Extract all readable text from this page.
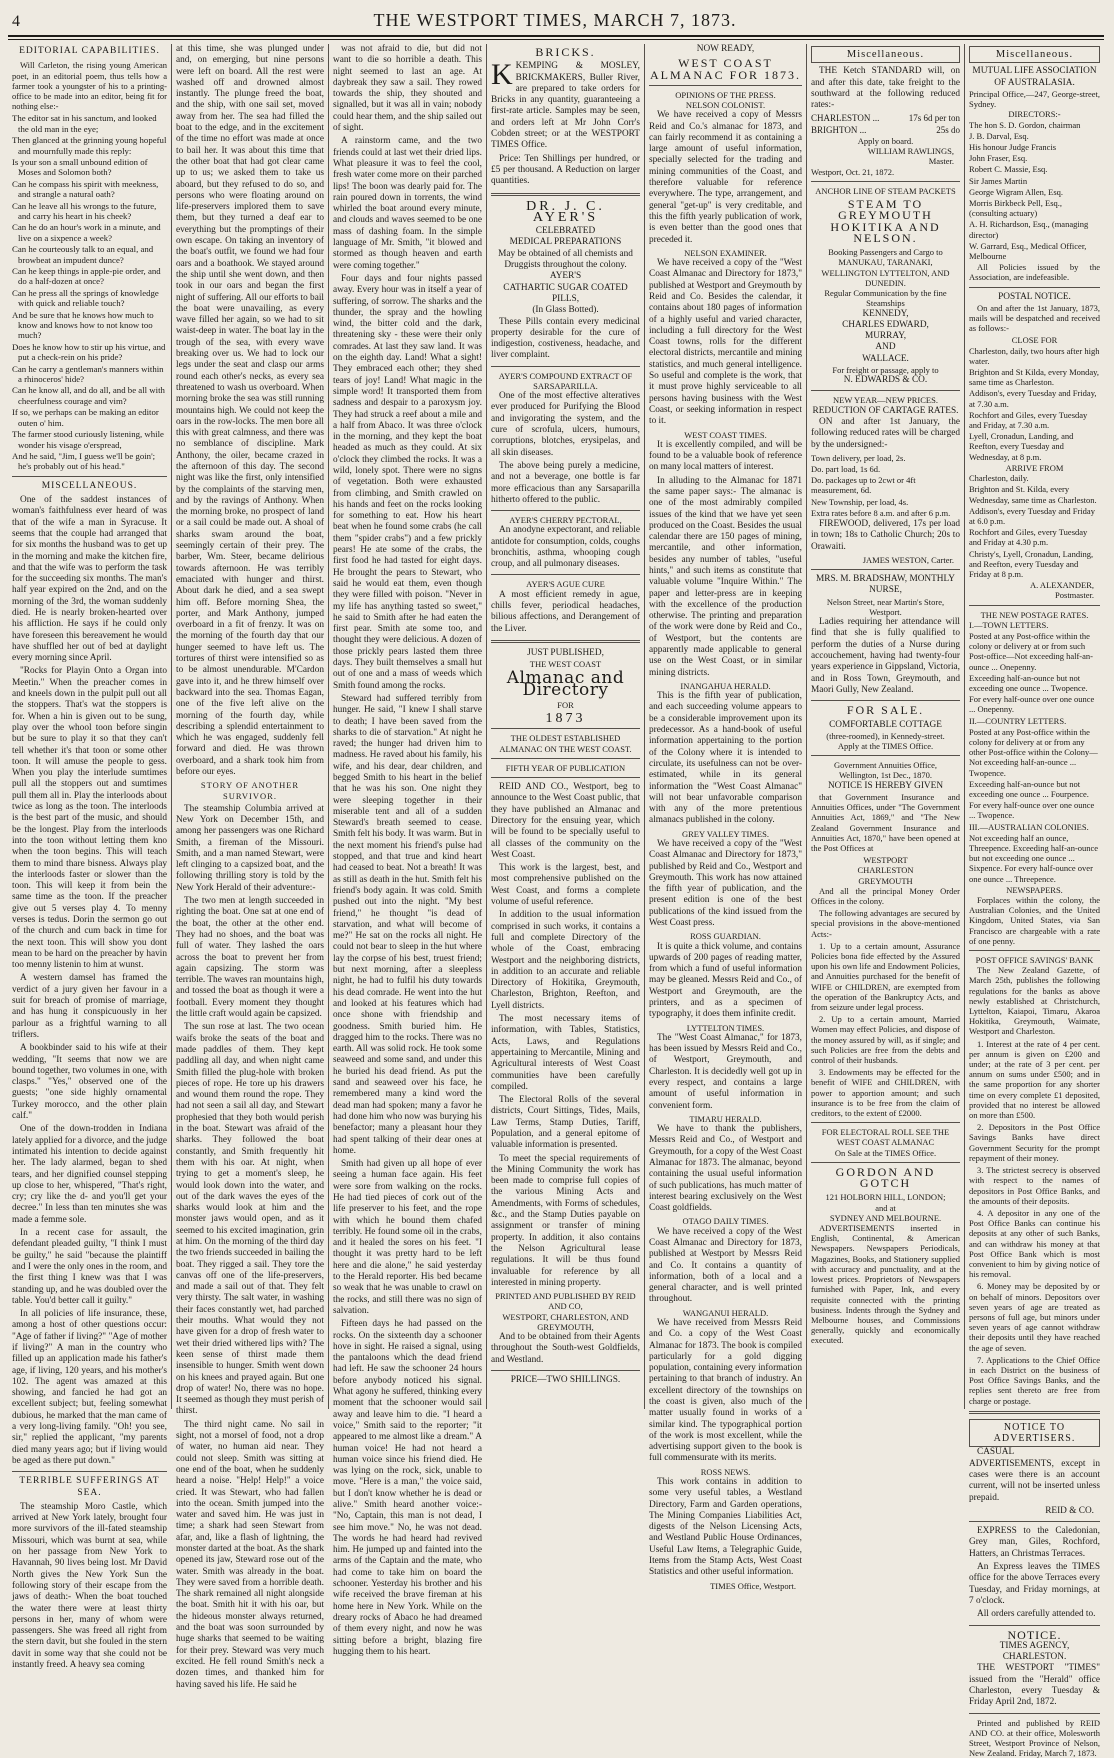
4	THE WESTPORT TIMES, MARCH 7, 1873.
EDITORIAL CAPABILITIES.
Will Carleton, the rising young American poet, in an editorial poem, thus tells how a farmer took a youngster of his to a printing-office to be made into an editor, being fit for nothing else:-
The editor sat in his sanctum, and looked the old man in the eye;
Then glanced at the grinning young hopeful and mournfully made this reply:
Is your son a small unbound edition of Moses and Solomon both?
Can he compass his spirit with meekness, and strangle a natural oath?
Can he leave all his wrongs to the future, and carry his heart in his cheek?
Can he do an hour's work in a minute, and live on a sixpence a week?
Can he courteously talk to an equal, and browbeat an impudent dunce?
Can he keep things in apple-pie order, and do a half-dozen at once?
Can he press all the springs of knowledge with quick and reliable touch?
And be sure that he knows how much to know and knows how to not know too much?
Does he know how to stir up his virtue, and put a check-rein on his pride?
Can he carry a gentleman's manners within a rhinoceros' hide?
Can he know all, and do all, and be all with cheerfulness courage and vim?
If so, we perhaps can be making an editor outen o' him.
The farmer stood curiously listening, while wonder his visage o'erspread,
And he said, "Jim, I guess we'll be goin'; he's probably out of his head."
MISCELLANEOUS.
One of the saddest instances of woman's faithfulness ever heard of was that of the wife a man in Syracuse. It seems that the couple had arranged that for six months the husband was to get up in the morning and make the kitchen fire, and that the wife was to perform the task for the succeeding six months. The man's half year expired on the 2nd, and on the morning of the 3rd, the woman suddenly died. He is nearly broken-hearted over his affliction. He says if he could only have foreseen this bereavement he would have shuffled her out of bed at daylight every morning since April.
"Rocks for Playin Onto a Organ into Meetin." When the preacher comes in and kneels down in the pulpit pull out all the stoppers. That's wat the stoppers is for. When a hin is given out to be sung, play over the whool toon before singin but be sure to play it so that they can't tell whether it's that toon or some other toon. It will amuse the people to gess. When you play the interlude sumtimes pull all the stoppers out and sumtimes pull them all in. Play the interloods about twice as long as the toon. The interloods is the best part of the music, and should be the longest. Play from the interloods into the toon without letting them kno when the toon begins. This will teach them to mind thare bisness. Always play the interloods faster or slower than the toon. This will keep it from bein the same time as the toon. If the preacher give out 5 verses play 4. To menny verses is tedus. Dorin the sermon go out of the church and cum back in time for the next toon. This will show you dont mean to be hard on the preacher by havin too menny listenin to him at wunst.
A western damsel has framed the verdict of a jury given her favour in a suit for breach of promise of marriage, and has hung it conspicuously in her parlour as a frightful warning to all triflers.
A bookbinder said to his wife at their wedding, "It seems that now we are bound together, two volumes in one, with clasps." "Yes," observed one of the guests; "one side highly ornamental Turkey morocco, and the other plain calf."
One of the down-trodden in Indiana lately applied for a divorce, and the judge intimated his intention to decide against her. The lady alarmed, began to shed tears, and her dignified counsel stepping up close to her, whispered, "That's right, cry; cry like the d- and you'll get your decree." In less than ten minutes she was made a femme sole.
In a recent case for assault, the defendant pleaded guilty, "I think I must be guilty," he said "because the plaintiff and I were the only ones in the room, and the first thing I knew was that I was standing up, and he was doubled over the table. You'd better call it guilty."
In all policies of life insurance, these, among a host of other questions occur: "Age of father if living?" "Age of mother if living?" A man in the country who filled up an application made his father's age, if living, 120 years, and his mother's 102. The agent was amazed at this showing, and fancied he had got an excellent subject; but, feeling somewhat dubious, he marked that the man came of a very long-living family. "Oh! you see, sir," replied the applicant, "my parents died many years ago; but if living would be aged as there put down."
TERRIBLE SUFFERINGS AT SEA.
The steamship Moro Castle, which arrived at New York lately, brought four more survivors of the ill-fated steamship Missouri, which was burnt at sea, while on her passage from New York to Havannah, 90 lives being lost. Mr David North gives the New York Sun the following story of their escape from the jaws of death:- When the boat touched the water there were at least thirty persons in her, many of whom were passengers. She was freed all right from the stern davit, but she fouled in the stern davit in some way that she could not be instantly freed. A heavy sea coming
at this time, she was plunged under and, on emerging, but nine persons were left on board. All the rest were washed off and drowned almost instantly. The plunge freed the boat, and the ship, with one sail set, moved away from her. The sea had filled the boat to the edge, and in the excitement of the time no effort was made at once to bail her. It was about this time that the other boat that had got clear came up to us; we asked them to take us aboard, but they refused to do so, and persons who were floating around on life-preservers implored them to save them, but they turned a deaf ear to everything but the promptings of their own escape. On taking an inventory of the boat's outfit, we found we had four oars and a boathook. We stayed around the ship until she went down, and then took in our oars and began the first night of suffering. All our efforts to bail the boat were unavailing, as every wave filled her again, so we had to sit waist-deep in water. The boat lay in the trough of the sea, with every wave breaking over us. We had to lock our legs under the seat and clasp our arms round each other's necks, as every sea threatened to wash us overboard. When morning broke the sea was still running mountains high. We could not keep the oars in the row-locks. The men bore all this with great calmness, and there was no semblance of discipline. Mark Anthony, the oiler, became crazed in the afternoon of this day. The second night was like the first, only intensified by the complaints of the starving men, and by the ravings of Anthony. When the morning broke, no prospect of land or a sail could be made out. A shoal of sharks swam around the boat, seemingly certain of their prey. The barber, Wm. Steer, became delirious towards afternoon. He was terribly emaciated with hunger and thirst. About dark he died, and a sea swept him off. Before morning Shea, the porter, and Mark Anthony, jumped overboard in a fit of frenzy. It was on the morning of the fourth day that our hunger seemed to have left us. The tortures of thirst were intensified so as to be almost unendurable. M'Cardon gave into it, and he threw himself over backward into the sea. Thomas Eagan, one of the five left alive on the morning of the fourth day, while describing a splendid entertainment to which he was engaged, suddenly fell forward and died. He was thrown overboard, and a shark took him from before our eyes.
STORY OF ANOTHER SURVIVOR.
The steamship Columbia arrived at New York on December 15th, and among her passengers was one Richard Smith, a fireman of the Missouri. Smith, and a man named Stewart, were left clinging to a capsized boat, and the following thrilling story is told by the New York Herald of their adventure:-
The two men at length succeeded in righting the boat. One sat at one end of the boat, the other at the other end. They had no shoes, and the boat was full of water. They lashed the oars across the boat to prevent her from again capsizing. The storm was terrible. The waves ran mountains high, and tossed the boat as though it were a football. Every moment they thought the little craft would again be capsized.
The sun rose at last. The two ocean waifs broke the seats of the boat and made paddles of them. They kept paddling all day, and when night came Smith filled the plug-hole with broken pieces of rope. He tore up his drawers and wound them round the rope. They had not seen a sail all day, and Stewart prophesied that they both would perish in the boat. Stewart was afraid of the sharks. They followed the boat constantly, and Smith frequently hit them with his oar. At night, when trying to get a moment's sleep, he would look down into the water, and out of the dark waves the eyes of the sharks would look at him and the monster jaws would open, and as it seemed to his excited imagination, grin at him. On the morning of the third day the two friends succeeded in bailing the boat. They rigged a sail. They tore the canvas off one of the life-preservers, and made a sail out of that. They felt very thirsty. The salt water, in washing their faces constantly wet, had parched their mouths. What would they not have given for a drop of fresh water to wet their dried withered lips with? The keen sense of thirst made them insensible to hunger. Smith went down on his knees and prayed again. But one drop of water! No, there was no hope. It seemed as though they must perish of thirst.
The third night came. No sail in sight, not a morsel of food, not a drop of water, no human aid near. They could not sleep. Smith was sitting at one end of the boat, when he suddenly heard a noise. "Help! Help!" a voice cried. It was Stewart, who had fallen into the ocean. Smith jumped into the water and saved him. He was just in time; a shark had seen Stewart from afar, and, like a flash of lightning, the monster darted at the boat. As the shark opened its jaw, Steward rose out of the water. Smith was already in the boat. They were saved from a horrible death. The shark remained all night alongside the boat. Smith hit it with his oar, but the hideous monster always returned, and the boat was soon surrounded by huge sharks that seemed to be waiting for their prey. Steward was very much excited. He fell round Smith's neck a dozen times, and thanked him for having saved his life. He said he
was not afraid to die, but did not want to die so horrible a death. This night seemed to last an age. At daybreak they saw a sail. They rowed towards the ship, they shouted and signalled, but it was all in vain; nobody could hear them, and the ship sailed out of sight.
A rainstorm came, and the two friends could at last wet their dried lips. What pleasure it was to feel the cool, fresh water come more on their parched lips! The boon was dearly paid for. The rain poured down in torrents, the wind whirled the boat around every minute, and clouds and waves seemed to be one mass of dashing foam. In the simple language of Mr. Smith, "it blowed and stormed as though heaven and earth were coming together."
Four days and four nights passed away. Every hour was in itself a year of suffering, of sorrow. The sharks and the thunder, the spray and the howling wind, the bitter cold and the dark, threatening sky - these were their only comrades. At last they saw land. It was on the eighth day. Land! What a sight! They embraced each other; they shed tears of joy! Land! What magic in the simple word! It transported them from sadness and despair to a paroxysm joy. They had struck a reef about a mile and a half from Abaco. It was three o'clock in the morning, and they kept the boat headed as much as they could. At six o'clock they climbed the rocks. It was a wild, lonely spot. There were no signs of vegetation. Both were exhausted from climbing, and Smith crawled on his hands and feet on the rocks looking for something to eat. How his heart beat when he found some crabs (he call them "spider crabs") and a few prickly pears! He ate some of the crabs, the first food he had tasted for eight days. He brought the pears to Stewart, who said he would eat them, even though they were filled with poison. "Never in my life has anything tasted so sweet," he said to Smith after he had eaten the first pear. Smith ate some too, and thought they were delicious. A dozen of those prickly pears lasted them three days. They built themselves a small hut out of one and a mass of weeds which Smith found among the rocks.
Steward had suffered terribly from hunger. He said, "I knew I shall starve to death; I have been saved from the sharks to die of starvation." At night he raved; the hunger had driven him to madness. He raved about his family, his wife, and his dear, dear children, and begged Smith to his heart in the belief that he was his son. One night they were sleeping together in their miserable tent and all of a sudden Steward's breath seemed to cease. Smith felt his body. It was warm. But in the next moment his friend's pulse had stopped, and that true and kind heart had ceased to beat. Not a breath! It was as still as death in the hut. Smith felt his friend's body again. It was cold. Smith pushed out into the night. "My best friend," he thought "is dead of starvation, and what will become of me?" He sat on the rocks all night. He could not bear to sleep in the hut where lay the corpse of his best, truest friend; but next morning, after a sleepless night, he had to fulfil his duty towards his dead comrade. He went into the hut and looked at his features which had once shone with friendship and goodness. Smith buried him. He dragged him to the rocks. There was no earth. All was solid rock. He took some seaweed and some sand, and under this he buried his dead friend. As put the sand and seaweed over his face, he remembered many a kind word the dead man had spoken; many a favor he had done him who now was burying his benefactor; many a pleasant hour they had spent talking of their dear ones at home.
Smith had given up all hope of ever seeing a human face again. His feet were sore from walking on the rocks. He had tied pieces of cork out of the life preserver to his feet, and the rope with which he bound them chafed terribly. He found some oil in the crabs, and it healed the sores on his feet. "I thought it was pretty hard to be left here and die alone," he said yesterday to the Herald reporter. His bed became so weak that he was unable to crawl on the rocks, and still there was no sign of salvation.
Fifteen days he had passed on the rocks. On the sixteenth day a schooner hove in sight. He raised a signal, using the pantaloons which the dead friend had left. He saw the schooner 24 hours before anybody noticed his signal. What agony he suffered, thinking every moment that the schooner would sail away and leave him to die. "I heard a voice," Smith said to the reporter; "it appeared to me almost like a dream." A human voice! He had not heard a human voice since his friend died. He was lying on the rock, sick, unable to move. "Here is a man," the voice said, but I don't know whether he is dead or alive." Smith heard another voice:- "No, Captain, this man is not dead, I see him move." No, he was not dead. The words he had heard had revived him. He jumped up and fainted into the arms of the Captain and the mate, who had come to take him on board the schooner. Yesterday his brother and his wife received the brave fireman at his home here in New York. While on the dreary rocks of Abaco he had dreamed of them every night, and now he was sitting before a bright, blazing fire hugging them to his heart.
BRICKS.
KKEMPING & MOSLEY, BRICKMAKERS, Buller River, are prepared to take orders for Bricks in any quantity, guaranteeing a first-rate article. Samples may be seen, and orders left at Mr John Corr's Cobden street; or at the WESTPORT TIMES Office.
Price: Ten Shillings per hundred, or £5 per thousand. A Reduction on larger quantities.
DR. J. C. AYER'S
CELEBRATED
MEDICAL PREPARATIONS
May be obtained of all chemists and
Druggists throughout the colony.
AYER'S
CATHARTIC SUGAR COATED
PILLS,
(In Glass Botted).
These Pills contain every medicinal property desirable for the cure of indigestion, costiveness, headache, and liver complaint.
AYER'S COMPOUND EXTRACT OF SARSAPARILLA.
One of the most effective alteratives ever produced for Purifying the Blood and invigorating the system, and the cure of scrofula, ulcers, humours, corruptions, blotches, erysipelas, and all skin diseases.
The above being purely a medicine, and not a beverage, one bottle is far more efficacious than any Sarsaparilla hitherto offered to the public.
AYER'S CHERRY PECTORAL,
An anodyne expectorant, and reliable antidote for consumption, colds, coughs bronchitis, asthma, whooping cough croup, and all pulmonary diseases.
AYER'S AGUE CURE
A most efficient remedy in ague, chills fever, periodical headaches, bilious affections, and Derangement of the Liver.
JUST PUBLISHED,
THE WEST COAST
Almanac and Directory
FOR
1873
THE OLDEST ESTABLISHED ALMANAC ON THE WEST COAST.
FIFTH YEAR OF PUBLICATION
REID AND CO., Westport, beg to announce to the West Coast public, that they have published an Almanac and Directory for the ensuing year, which will be found to be specially useful to all classes of the community on the West Coast.
This work is the largest, best, and most comprehensive published on the West Coast, and forms a complete volume of useful reference.
In addition to the usual information comprised in such works, it contains a full and complete Directory of the whole of the Coast, embracing Westport and the neighboring districts, in addition to an accurate and reliable Directory of Hokitika, Greymouth, Charleston, Brighton, Reefton, and Lyell districts.
The most necessary items of information, with Tables, Statistics, Acts, Laws, and Regulations appertaining to Mercantile, Mining and Agricultural interests of West Coast communities have been carefully compiled.
The Electoral Rolls of the several districts, Court Sittings, Tides, Mails, Law Terms, Stamp Duties, Tariff, Population, and a general epitome of valuable information is presented.
To meet the special requirements of the Mining Community the work has been made to comprise full copies of the various Mining Acts and Amendments, with Forms of schedules, &c., and the Stamp Duties payable on assignment or transfer of mining property. In addition, it also contains the Nelson Agricultural lease regulations. It will be thus found invaluable for reference by all interested in mining property.
PRINTED AND PUBLISHED BY REID AND CO,
WESTPORT, CHARLESTON, AND GREYMOUTH,
And to be obtained from their Agents throughout the South-west Goldfields, and Westland.
PRICE—TWO SHILLINGS.
NOW READY,
WEST COAST ALMANAC FOR 1873.
OPINIONS OF THE PRESS.
NELSON COLONIST.
We have received a copy of Messrs Reid and Co.'s almanac for 1873, and can fairly recommend it as containing a large amount of useful information, specially selected for the trading and mining communities of the Coast, and therefore valuable for reference everywhere. The type, arrangement, and general "get-up" is very creditable, and this the fifth yearly publication of work, is even better than the good ones that preceded it.
NELSON EXAMINER.
We have received a copy of the "West Coast Almanac and Directory for 1873," published at Westport and Greymouth by Reid and Co. Besides the calendar, it contains about 180 pages of information of a highly useful and varied character, including a full directory for the West Coast towns, rolls for the different electoral districts, mercantile and mining statistics, and much general intelligence. So useful and complete is the work, that it must prove highly serviceable to all persons having business with the West Coast, or seeking information in respect to it.
WEST COAST TIMES.
It is excellently compiled, and will be found to be a valuable book of reference on many local matters of interest.
In alluding to the Almanac for 1871 the same paper says:- The almanac is one of the most admirably compiled issues of the kind that we have yet seen produced on the Coast. Besides the usual calendar there are 150 pages of mining, mercantile, and other information, besides any number of tables, "useful hints," and such items as constitute that valuable volume "Inquire Within." The paper and letter-press are in keeping with the excellence of the production otherwise. The printing and preparation of the work were done by Reid and Co., of Westport, but the contents are apparently made applicable to general use on the West Coast, or in similar mining districts.
INANGAHUA HERALD.
This is the fifth year of publication, and each succeeding volume appears to be a considerable improvement upon its predecessor. As a hand-book of useful information appertaining to the portion of the Colony where it is intended to circulate, its usefulness can not be over-estimated, while in its general information the "West Coast Almanac" will not bear unfavorable comparison with any of the more pretentious almanacs published in the colony.
GREY VALLEY TIMES.
We have received a copy of the "West Coast Almanac and Directory for 1873," published by Reid and Co., Westport and Greymouth. This work has now attained the fifth year of publication, and the present edition is one of the best publications of the kind issued from the West Coast press.
ROSS GUARDIAN.
It is quite a thick volume, and contains upwards of 200 pages of reading matter, from which a fund of useful information may be gleaned. Messrs Reid and Co., of Westport and Greymouth, are the printers, and as a specimen of typography, it does them infinite credit.
LYTTELTON TIMES.
The "West Coast Almanac," for 1873, has been issued by Messrs Reid and Co., of Westport, Greymouth, and Charleston. It is decidedly well got up in every respect, and contains a large amount of useful information in convenient form.
TIMARU HERALD.
We have to thank the publishers, Messrs Reid and Co., of Westport and Greymouth, for a copy of the West Coast Almanac for 1873. The almanac, beyond containing the usual useful information of such publications, has much matter of interest bearing exclusively on the West Coast goldfields.
OTAGO DAILY TIMES.
We have received a copy of the West Coast Almanac and Directory for 1873, published at Westport by Messrs Reid and Co. It contains a quantity of information, both of a local and a general character, and is well printed throughout.
WANGANUI HERALD.
We have received from Messrs Reid and Co. a copy of the West Coast Almanac for 1873. The book is compiled particularly for a gold digging population, containing every information pertaining to that branch of industry. An excellent directory of the townships on the coast is given, also much of the matter usually found in works of a similar kind. The typographical portion of the work is most excellent, while the advertising support given to the book is full commensurate with its merits.
ROSS NEWS.
This work contains in addition to some very useful tables, a Westland Directory, Farm and Garden operations, The Mining Companies Liabilities Act, digests of the Nelson Licensing Acts, and Westland Public House Ordinances, Useful Law Items, a Telegraphic Guide, Items from the Stamp Acts, West Coast Statistics and other useful information.
TIMES Office, Westport.
Miscellaneous.
THE Ketch STANDARD will, on and after this date, take freight to the southward at the following reduced rates:-
CHARLESTON ...	17s 6d per ton
BRIGHTON ...	25s do
Apply on board.
WILLIAM RAWLINGS,
Master.
Westport, Oct. 21, 1872.
ANCHOR LINE OF STEAM PACKETS
STEAM TO GREYMOUTH HOKITIKA AND NELSON.
Booking Passengers and Cargo to MANUKAU, TARANAKI, WELLINGTON LYTTELTON, AND DUNEDIN.
Regular Communication by the fine Steamships
KENNEDY,
CHARLES EDWARD,
MURRAY,
AND
WALLACE.
For freight or passage, apply to
N. EDWARDS & CO.
NEW YEAR—NEW PRICES.
REDUCTION OF CARTAGE RATES.
ON and after 1st January, the following reduced rates will be charged by the undersigned:-
Town delivery, per load, 2s.
Do. part load, 1s 6d.
Do. packages up to 2cwt or 4ft measurement, 6d.
New Township, per load, 4s.
Extra rates before 8 a.m. and after 6 p.m.
FIREWOOD, delivered, 17s per load in town; 18s to Catholic Church; 20s to Orawaiti.
JAMES WESTON, Carter.
MRS. M. BRADSHAW, MONTHLY NURSE,
Nelson Street, near Martin's Store, Westport.
Ladies requiring her attendance will find that she is fully qualified to perform the duties of a Nurse during accouchement, having had twenty-four years experience in Gippsland, Victoria, and in Ross Town, Greymouth, and Maori Gully, New Zealand.
FOR SALE.
COMFORTABLE COTTAGE
(three-roomed), in Kennedy-street.
Apply at the TIMES Office.
Government Annuities Office,
Wellington, 1st Dec., 1870.
NOTICE IS HEREBY GIVEN
that Government Insurance and Annuities Offices, under "The Government Annuities Act, 1869," and "The New Zealand Government Insurance and Annuities Act, 1870," have been opened at the Post Offices at
WESTPORT
CHARLESTON
GREYMOUTH
And all the principal Money Order Offices in the colony.
The following advantages are secured by special provisions in the above-mentioned Acts:-
1. Up to a certain amount, Assurance Policies bona fide effected by the Assured upon his own life and Endowment Policies, and Annuities purchased for the benefit of WIFE or CHILDREN, are exempted from the operation of the Bankruptcy Acts, and from seizure under legal process.
2. Up to a certain amount, Married Women may effect Policies, and dispose of the money assured by will, as if single; and such Policies are free from the debts and control of their husbands.
3. Endowments may be effected for the benefit of WIFE and CHILDREN, with power to apportion amount; and such insurance is to be free from the claim of creditors, to the extent of £2000.
FOR ELECTORAL ROLL SEE THE WEST COAST ALMANAC
On Sale at the TIMES Office.
GORDON AND GOTCH
121 HOLBORN HILL, LONDON;
and at
SYDNEY AND MELBOURNE.
ADVERTISEMENTS inserted in English, Continental, & American Newspapers. Newspapers Periodicals, Magazines, Books, and Stationery supplied with accuracy and punctuality, and at the lowest prices. Proprietors of Newspapers furnished with Paper, Ink, and every requisite connected with the printing business. Indents through the Sydney and Melbourne houses, and Commissions generally, quickly and economically executed.
Miscellaneous.
MUTUAL LIFE ASSOCIATION OF AUSTRALASIA.
Principal Office,—247, George-street, Sydney.
DIRECTORS:-
The hon S. D. Gordon, chairman
J. B. Darval, Esq.
His honour Judge Francis
John Fraser, Esq.
Robert C. Massie, Esq.
Sir James Martin
George Wigram Allen, Esq.
Morris Birkbeck Pell, Esq., (consulting actuary)
A. H. Richardson, Esq., (managing director)
W. Garrard, Esq., Medical Officer, Melbourne
All Policies issued by the Association, are indefeasible.
POSTAL NOTICE.
On and after the 1st January, 1873, mails will be despatched and received as follows:-
CLOSE FOR
Charleston, daily, two hours after high water.
Brighton and St Kilda, every Monday, same time as Charleston.
Addison's, every Tuesday and Friday, at 7.30 a.m.
Rochfort and Giles, every Tuesday and Friday, at 7.30 a.m.
Lyell, Cronadun, Landing, and Reefton, every Tuesday and Wednesday, at 8 p.m.
ARRIVE FROM
Charleston, daily.
Brighton and St. Kilda, every Wednesday, same time as Charleston.
Addison's, every Tuesday and Friday at 6.0 p.m.
Rochfort and Giles, every Tuesday and Friday at 4.30 p.m.
Christy's, Lyell, Cronadun, Landing, and Reefton, every Tuesday and Friday at 8 p.m.
A. ALEXANDER,
Postmaster.
THE NEW POSTAGE RATES.
I.—TOWN LETTERS.
Posted at any Post-office within the colony or delivery at or from such Post-office—Not exceeding half-an-ounce ... Onepenny.
Exceeding half-an-ounce but not exceeding one ounce ... Twopence.
For every half-ounce over one ounce ... Onepenny.
II.—COUNTRY LETTERS.
Posted at any Post-office within the colony for delivery at or from any other Post-office within the Colony—Not exceeding half-an-ounce ... Twopence.
Exceeding half-an-ounce but not exceeding one ounce ... Fourpence.
For every half-ounce over one ounce ... Twopence.
III.—AUSTRALIAN COLONIES.
Not exceeding half an ounce, Threepence. Exceeding half-an-ounce but not exceeding one ounce ... Sixpence. For every half-ounce over one ounce ... Threepence.
NEWSPAPERS.
Forplaces within the colony, the Australian Colonies, and the United Kingdom, United States, via San Francisco are chargeable with a rate of one penny.
POST OFFICE SAVINGS' BANK
The New Zealand Gazette, of March 25th, publishes the following regulations for the banks as above newly established at Christchurch, Lyttelton, Kaiapoi, Timaru, Akaroa Hokitika, Greymouth, Waimate, Westport and Charleston.
1. Interest at the rate of 4 per cent. per annum is given on £200 and under; at the rate of 3 per cent. per annum on sums under £500; and in the same proportion for any shorter time on every complete £1 deposited, provided that no interest be allowed on more than £500.
2. Depositors in the Post Office Savings Banks have direct Government Security for the prompt repayment of their money.
3. The strictest secrecy is observed with respect to the names of depositors in Post Office Banks, and the amounts of their deposits.
4. A depositor in any one of the Post Office Banks can continue his deposits at any other of such Banks, and can withdraw his money at that Post Office Bank which is most convenient to him by giving notice of his removal.
6. Money may be deposited by or on behalf of minors. Depositors over seven years of age are treated as persons of full age, but minors under seven years of age cannot withdraw their deposits until they have reached the age of seven.
7. Applications to the Chief Office in each District on the business of Post Office Savings Banks, and the replies sent thereto are free from charge or postage.
NOTICE TO ADVERTISERS.
CASUAL ADVERTISEMENTS, except in cases were there is an account current, will not be inserted unless prepaid.
REID & CO.
EXPRESS to the Caledonian, Grey man, Giles, Rochford, Hatters, an Christmas Terraces.
An Express leaves the TIMES office for the above Terraces every Tuesday, and Friday mornings, at 7 o'clock.
All orders carefully attended to.
NOTICE.
TIMES AGENCY, CHARLESTON.
THE WESTPORT "TIMES" issued from the "Herald" office Charleston, every Tuesday & Friday April 2nd, 1872.
Printed and published by REID AND CO. at their office, Molesworth Street, Westport Province of Nelson, New Zealand. Friday, March 7, 1873.
